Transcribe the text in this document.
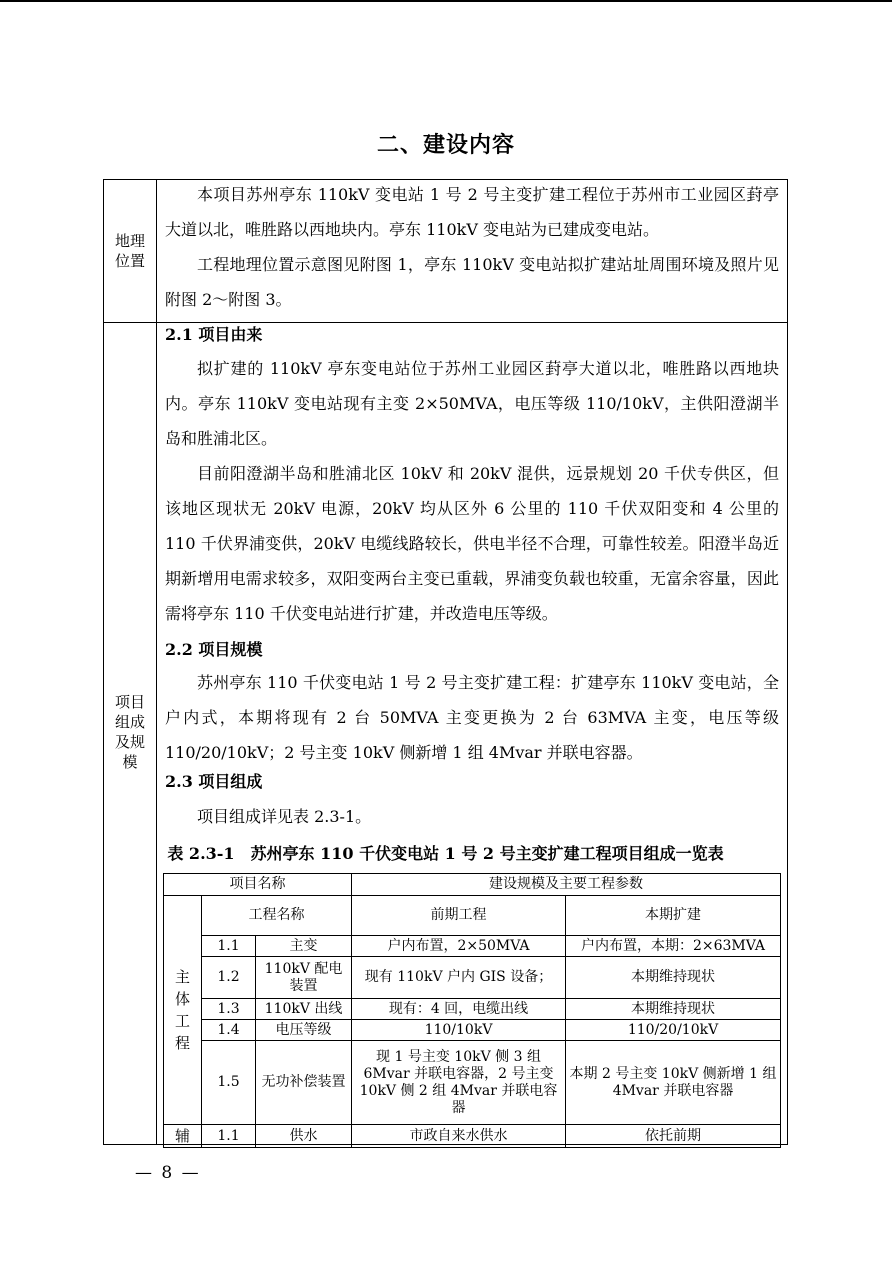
二、建设内容
地理
位置

本项目苏州亭东 110kV 变电站 1 号 2 号主变扩建工程位于苏州市工业园区葑亭大道以北，唯胜路以西地块内。亭东 110kV 变电站为已建成变电站。

工程地理位置示意图见附图 1，亭东 110kV 变电站拟扩建站址周围环境及照片见附图 2～附图 3。

项目
组成
及规
模
2.1 项目由来

拟扩建的 110kV 亭东变电站位于苏州工业园区葑亭大道以北，唯胜路以西地块内。亭东 110kV 变电站现有主变 2×50MVA，电压等级 110/10kV，主供阳澄湖半岛和胜浦北区。

目前阳澄湖半岛和胜浦北区 10kV 和 20kV 混供，远景规划 20 千伏专供区，但该地区现状无 20kV 电源，20kV 均从区外 6 公里的 110 千伏双阳变和 4 公里的 110 千伏界浦变供，20kV 电缆线路较长，供电半径不合理，可靠性较差。阳澄半岛近期新增用电需求较多，双阳变两台主变已重载，界浦变负载也较重，无富余容量，因此需将亭东 110 千伏变电站进行扩建，并改造电压等级。

2.2 项目规模

苏州亭东 110 千伏变电站 1 号 2 号主变扩建工程：扩建亭东 110kV 变电站，全户内式，本期将现有 2 台 50MVA 主变更换为 2 台 63MVA 主变，电压等级 110/20/10kV；2 号主变 10kV 侧新增 1 组 4Mvar 并联电容器。

2.3 项目组成

项目组成详见表 2.3-1。

表 2.3-1　苏州亭东 110 千伏变电站 1 号 2 号主变扩建工程项目组成一览表
项目名称			建设规模及主要工程参数	

主
体
工
程	工程名称		前期工程	本期扩建
	1.1	主变	户内布置，2×50MVA	户内布置，本期：2×63MVA
	1.2	110kV 配电装置	现有 110kV 户内 GIS 设备；	本期维持现状
	1.3	110kV 出线	现有：4 回，电缆出线	本期维持现状
	1.4	电压等级	110/10kV	110/20/10kV
	1.5	无功补偿装置	现 1 号主变 10kV 侧 3 组 6Mvar 并联电容器，2 号主变 10kV 侧 2 组 4Mvar 并联电容器	本期 2 号主变 10kV 侧新增 1 组 4Mvar 并联电容器

辅	1.1	供水	市政自来水供水	依托前期
— 8 —
